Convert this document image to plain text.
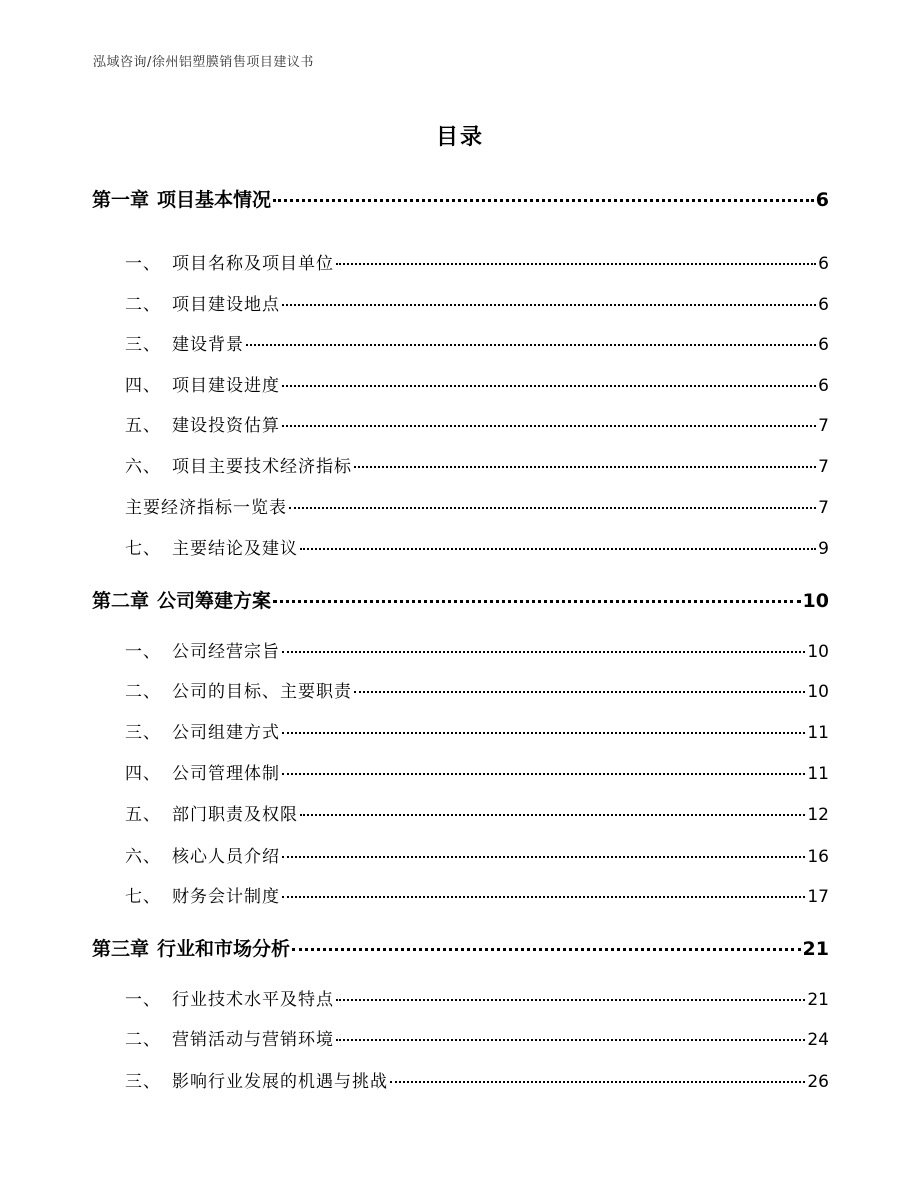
泓域咨询/徐州铝塑膜销售项目建议书
目录
第一章 项目基本情况	6
一、 项目名称及项目单位	6
二、 项目建设地点	6
三、 建设背景	6
四、 项目建设进度	6
五、 建设投资估算	7
六、 项目主要技术经济指标	7
主要经济指标一览表	7
七、 主要结论及建议	9
第二章 公司筹建方案	10
一、 公司经营宗旨	10
二、 公司的目标、主要职责	10
三、 公司组建方式	11
四、 公司管理体制	11
五、 部门职责及权限	12
六、 核心人员介绍	16
七、 财务会计制度	17
第三章 行业和市场分析	21
一、 行业技术水平及特点	21
二、 营销活动与营销环境	24
三、 影响行业发展的机遇与挑战	26
